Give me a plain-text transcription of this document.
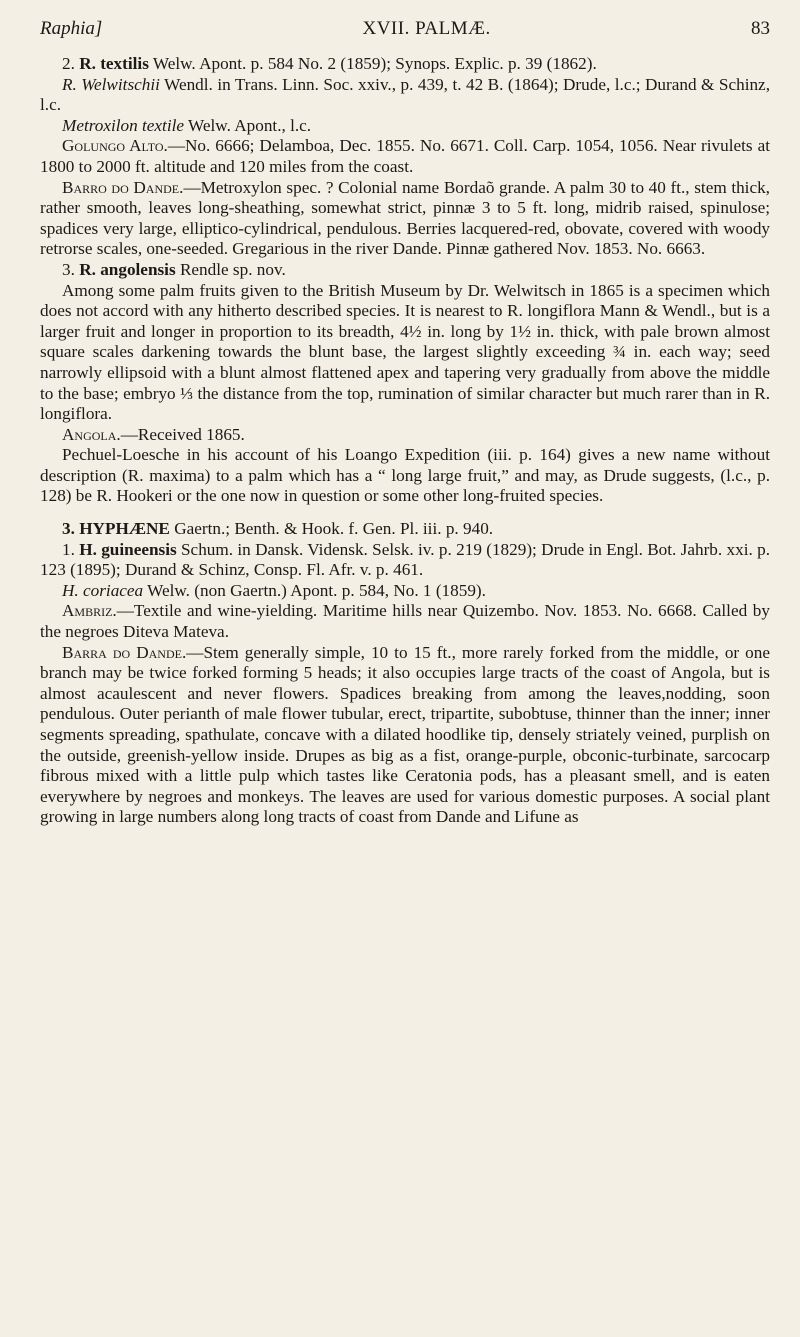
Raphia]	XVII. PALMÆ.	83

2. R. textilis Welw. Apont. p. 584 No. 2 (1859); Synops. Explic. p. 39 (1862).

R. Welwitschii Wendl. in Trans. Linn. Soc. xxiv., p. 439, t. 42 B. (1864); Drude, l.c.; Durand & Schinz, l.c.

Metroxilon textile Welw. Apont., l.c.

Golungo Alto.—No. 6666; Delamboa, Dec. 1855. No. 6671. Coll. Carp. 1054, 1056. Near rivulets at 1800 to 2000 ft. altitude and 120 miles from the coast.

Barro do Dande.—Metroxylon spec. ? Colonial name Bordaõ grande. A palm 30 to 40 ft., stem thick, rather smooth, leaves long-sheathing, somewhat strict, pinnæ 3 to 5 ft. long, midrib raised, spinulose; spadices very large, elliptico-cylindrical, pendulous. Berries lacquered-red, obovate, covered with woody retrorse scales, one-seeded. Gregarious in the river Dande. Pinnæ gathered Nov. 1853. No. 6663.

3. R. angolensis Rendle sp. nov.

Among some palm fruits given to the British Museum by Dr. Welwitsch in 1865 is a specimen which does not accord with any hitherto described species. It is nearest to R. longiflora Mann & Wendl., but is a larger fruit and longer in proportion to its breadth, 4½ in. long by 1½ in. thick, with pale brown almost square scales darkening towards the blunt base, the largest slightly exceeding ¾ in. each way; seed narrowly ellipsoid with a blunt almost flattened apex and tapering very gradually from above the middle to the base; embryo ⅓ the distance from the top, rumination of similar character but much rarer than in R. longiflora.

Angola.—Received 1865.

Pechuel-Loesche in his account of his Loango Expedition (iii. p. 164) gives a new name without description (R. maxima) to a palm which has a “ long large fruit,” and may, as Drude suggests, (l.c., p. 128) be R. Hookeri or the one now in question or some other long-fruited species.

3. HYPHÆNE Gaertn.; Benth. & Hook. f. Gen. Pl. iii. p. 940.

1. H. guineensis Schum. in Dansk. Vidensk. Selsk. iv. p. 219 (1829); Drude in Engl. Bot. Jahrb. xxi. p. 123 (1895); Durand & Schinz, Consp. Fl. Afr. v. p. 461.

H. coriacea Welw. (non Gaertn.) Apont. p. 584, No. 1 (1859).

Ambriz.—Textile and wine-yielding. Maritime hills near Quizembo. Nov. 1853. No. 6668. Called by the negroes Diteva Mateva.

Barra do Dande.—Stem generally simple, 10 to 15 ft., more rarely forked from the middle, or one branch may be twice forked forming 5 heads; it also occupies large tracts of the coast of Angola, but is almost acaulescent and never flowers. Spadices breaking from among the leaves,nodding, soon pendulous. Outer perianth of male flower tubular, erect, tripartite, subobtuse, thinner than the inner; inner segments spreading, spathulate, concave with a dilated hoodlike tip, densely striately veined, purplish on the outside, greenish-yellow inside. Drupes as big as a fist, orange-purple, obconic-turbinate, sarcocarp fibrous mixed with a little pulp which tastes like Ceratonia pods, has a pleasant smell, and is eaten everywhere by negroes and monkeys. The leaves are used for various domestic purposes. A social plant growing in large numbers along long tracts of coast from Dande and Lifune as
